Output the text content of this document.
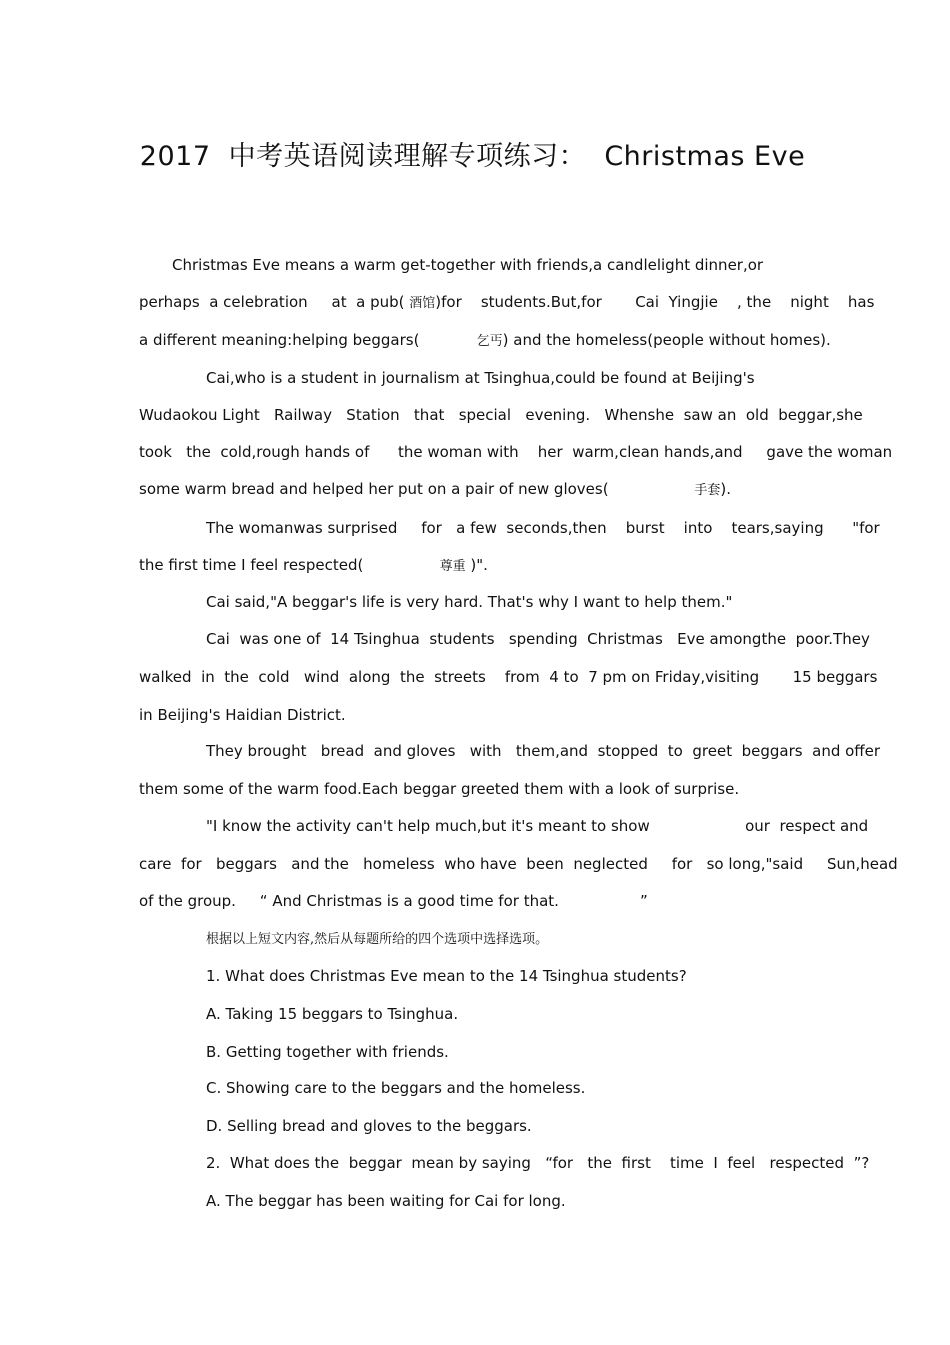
2017  中考英语阅读理解专项练习：  Christmas Eve
Christmas Eve means a warm get-together with friends,a candlelight dinner,or
perhaps  a celebration     at  a pub( 酒馆)for    students.But,for       Cai  Yingjie    , the    night    has
a different meaning:helping beggars(            乞丐) and the homeless(people without homes).
Cai,who is a student in journalism at Tsinghua,could be found at Beijing's
Wudaokou Light   Railway   Station   that   special   evening.   Whenshe  saw an  old  beggar,she
took   the  cold,rough hands of      the woman with    her  warm,clean hands,and     gave the woman
some warm bread and helped her put on a pair of new gloves(                  手套).
The womanwas surprised     for   a few  seconds,then    burst    into    tears,saying      "for
the first time I feel respected(                尊重 )".
Cai said,"A beggar's life is very hard. That's why I want to help them."
Cai  was one of  14 Tsinghua  students   spending  Christmas   Eve amongthe  poor.They
walked  in  the  cold   wind  along  the  streets    from  4 to  7 pm on Friday,visiting       15 beggars
in Beijing's Haidian District.
They brought   bread  and gloves   with   them,and  stopped  to  greet  beggars  and offer
them some of the warm food.Each beggar greeted them with a look of surprise.
"I know the activity can't help much,but it's meant to show                    our  respect and
care  for   beggars   and the   homeless  who have  been  neglected     for   so long,"said     Sun,head
of the group.     “ And Christmas is a good time for that.                 ”
根据以上短文内容,然后从每题所给的四个选项中选择选项。
1. What does Christmas Eve mean to the 14 Tsinghua students?
A. Taking 15 beggars to Tsinghua.
B. Getting together with friends.
C. Showing care to the beggars and the homeless.
D. Selling bread and gloves to the beggars.
2.  What does the  beggar  mean by saying   “for   the  first    time  I  feel   respected  ”?
A. The beggar has been waiting for Cai for long.
